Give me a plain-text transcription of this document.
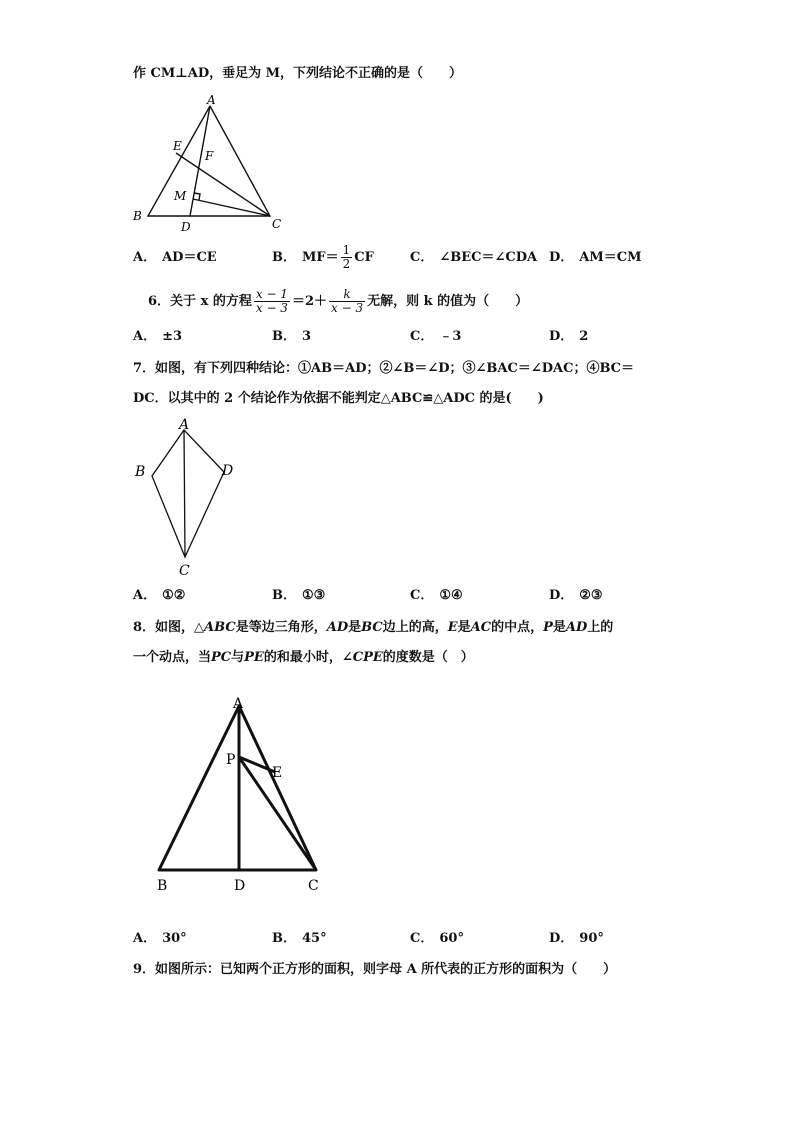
作 CM⊥AD，垂足为 M，下列结论不正确的是（　　）
A
E
F
M
B
D	C
A． AD＝CE	B． $MF= \frac{1}{2}$ CF	C． ∠BEC＝∠CDA D． AM＝CM
6．关于 x 的方程 $\frac{x - 1}{x - 3} =2+ \frac{k}{x - 3}$ 无解，则 k 的值为（　　）
A． ±3	B． 3	C． ﹣3	D． 2
7．如图，有下列四种结论：①AB＝AD；②∠B＝∠D；③∠BAC＝∠DAC；④BC＝
DC．以其中的 2 个结论作为依据不能判定△ABC≌△ADC 的是(　　)
A
B	D
C
A． ①②	B． ①③	C． ①④	D． ②③
8．如图，△ABC是等边三角形，AD是BC边上的高，E是AC的中点，P是AD上的
一个动点，当PC与PE的和最小时，∠CPE的度数是（　）
A
P
E
B	D	C
A． 30°	B． 45°	C． 60°	D． 90°
9．如图所示：已知两个正方形的面积，则字母 A 所代表的正方形的面积为（　　）
